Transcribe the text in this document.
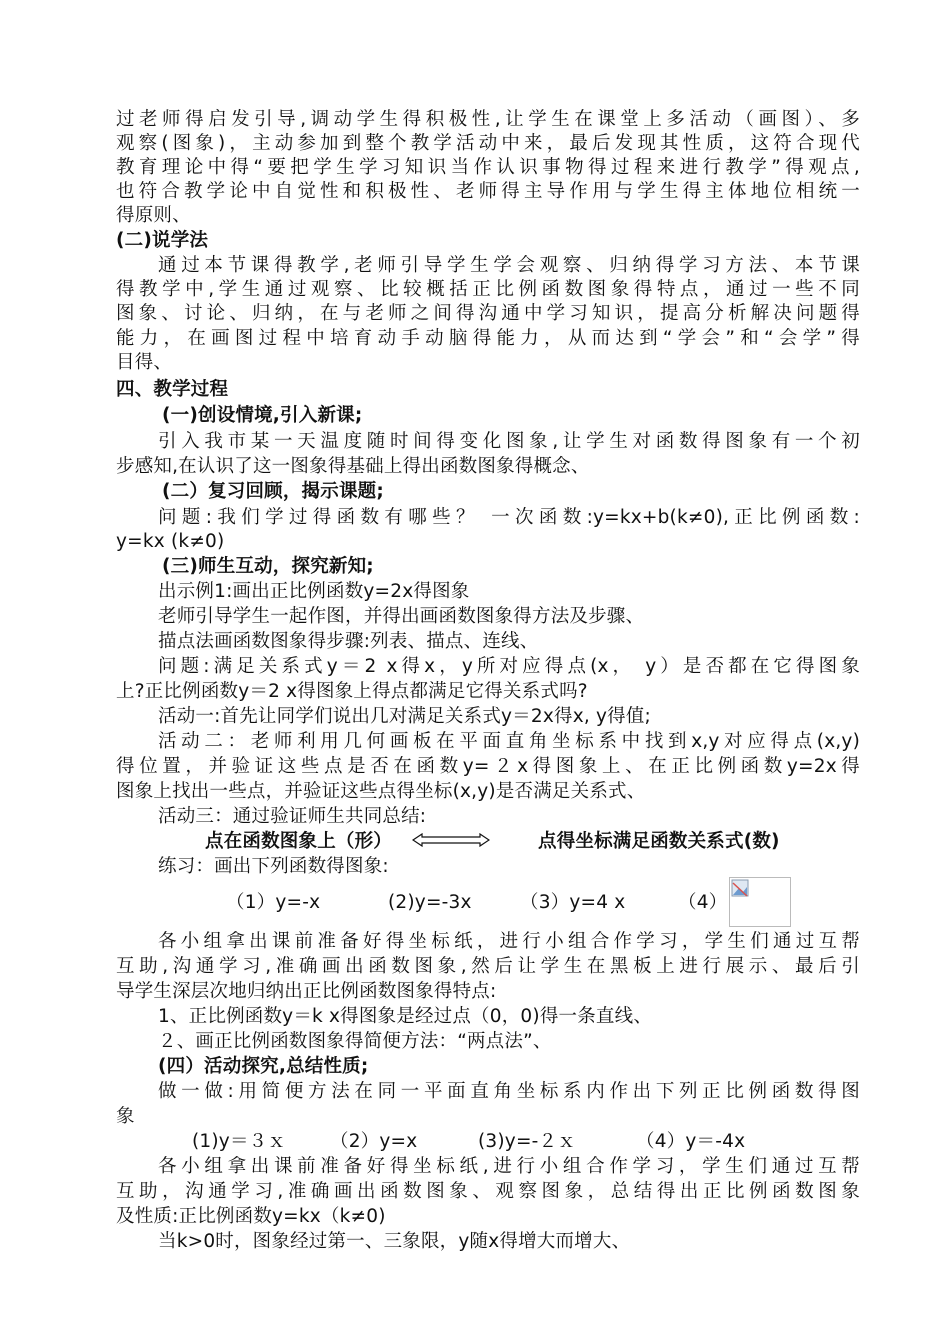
过老师得启发引导,调动学生得积极性,让学生在课堂上多活动（画图）、多
观察(图象)，主动参加到整个教学活动中来，最后发现其性质，这符合现代
教育理论中得“要把学生学习知识当作认识事物得过程来进行教学”得观点,
也符合教学论中自觉性和积极性、老师得主导作用与学生得主体地位相统一
得原则、
(二)说学法
通过本节课得教学,老师引导学生学会观察、归纳得学习方法、本节课
得教学中,学生通过观察、比较概括正比例函数图象得特点，通过一些不同
图象、讨论、归纳，在与老师之间得沟通中学习知识，提高分析解决问题得
能力，在画图过程中培育动手动脑得能力，从而达到“学会”和“会学”得
目得、
四、教学过程
(一)创设情境,引入新课;
引入我市某一天温度随时间得变化图象,让学生对函数得图象有一个初
步感知,在认识了这一图象得基础上得出函数图象得概念、
(二）复习回顾，揭示课题;
问题:我们学过得函数有哪些？ 一次函数:y=kx+b(k≠0),正比例函数:
y=kx (k≠0)
(三)师生互动，探究新知;
出示例1:画出正比例函数y=2x得图象
老师引导学生一起作图，并得出画函数图象得方法及步骤、
描点法画函数图象得步骤:列表、描点、连线、
问题:满足关系式y＝2 x得x，y所对应得点(x， y）是否都在它得图象
上?正比例函数y＝2 x得图象上得点都满足它得关系式吗?
活动一:首先让同学们说出几对满足关系式y＝2x得x, y得值;
活动二：老师利用几何画板在平面直角坐标系中找到x,y对应得点(x,y)
得位置，并验证这些点是否在函数y=２x得图象上、在正比例函数y=2x得
图象上找出一些点，并验证这些点得坐标(x,y)是否满足关系式、
活动三：通过验证师生共同总结:
点在函数图象上（形）	点得坐标满足函数关系式(数)
练习：画出下列函数得图象:
（1）y=-x	(2)y=-3x	（3）y=4 x	（4）
各小组拿出课前准备好得坐标纸，进行小组合作学习，学生们通过互帮
互助,沟通学习,准确画出函数图象,然后让学生在黑板上进行展示、最后引
导学生深层次地归纳出正比例函数图象得特点:
1、正比例函数y＝k x得图象是经过点（0，0)得一条直线、
２、画正比例函数图象得简便方法：“两点法”、
(四）活动探究,总结性质;
做一做:用简便方法在同一平面直角坐标系内作出下列正比例函数得图
象
(1)y＝３ｘ	（2）y=x	(3)y=-２ｘ	（4）y＝-4x
各小组拿出课前准备好得坐标纸,进行小组合作学习，学生们通过互帮
互助，沟通学习,准确画出函数图象、观察图象，总结得出正比例函数图象
及性质:正比例函数y=kx（k≠0)
当k>0时，图象经过第一、三象限，y随x得增大而增大、
